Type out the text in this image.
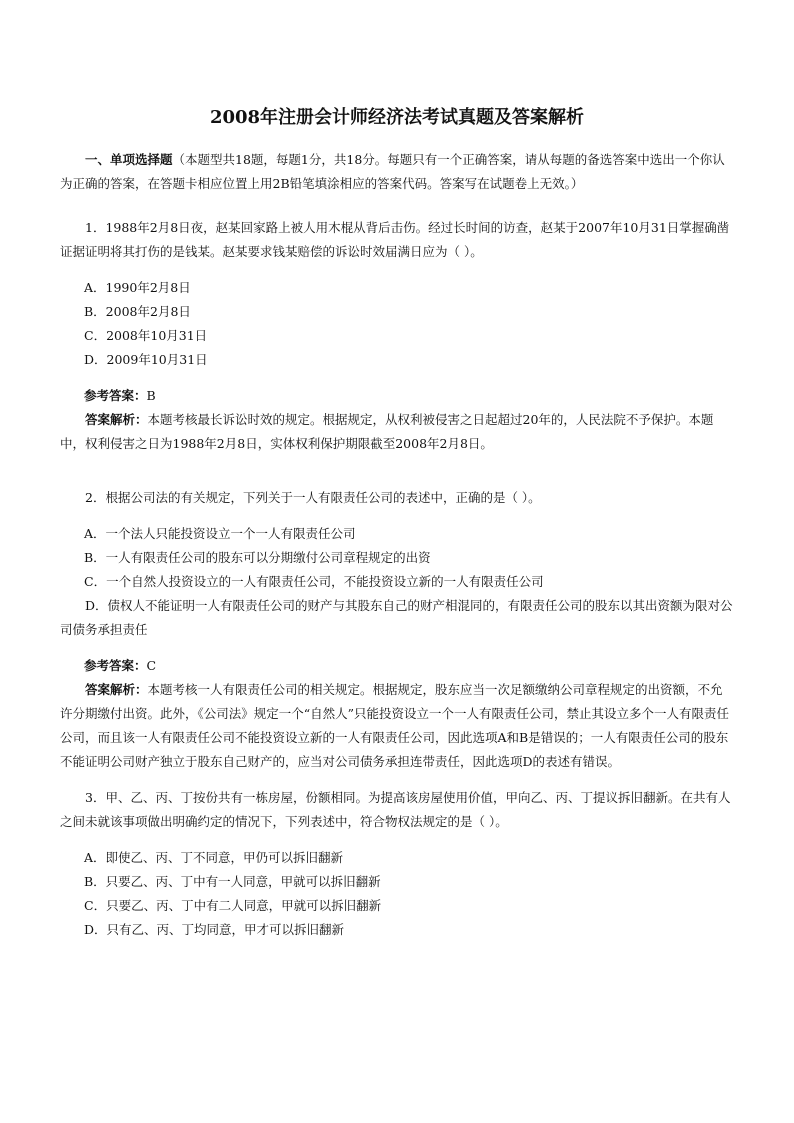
2008年注册会计师经济法考试真题及答案解析

一、单项选择题（本题型共18题，每题1分，共18分。每题只有一个正确答案，请从每题的备选答案中选出一个你认为正确的答案，在答题卡相应位置上用2B铅笔填涂相应的答案代码。答案写在试题卷上无效。）

1．1988年2月8日夜，赵某回家路上被人用木棍从背后击伤。经过长时间的访查，赵某于2007年10月31日掌握确凿证据证明将其打伤的是钱某。赵某要求钱某赔偿的诉讼时效届满日应为（ ）。

A．1990年2月8日

B．2008年2月8日

C．2008年10月31日

D．2009年10月31日

参考答案：B

答案解析：本题考核最长诉讼时效的规定。根据规定，从权利被侵害之日起超过20年的，人民法院不予保护。本题中，权利侵害之日为1988年2月8日，实体权利保护期限截至2008年2月8日。

2．根据公司法的有关规定，下列关于一人有限责任公司的表述中，正确的是（ ）。

A．一个法人只能投资设立一个一人有限责任公司

B．一人有限责任公司的股东可以分期缴付公司章程规定的出资

C．一个自然人投资设立的一人有限责任公司，不能投资设立新的一人有限责任公司

D．债权人不能证明一人有限责任公司的财产与其股东自己的财产相混同的，有限责任公司的股东以其出资额为限对公司债务承担责任

参考答案：C

答案解析：本题考核一人有限责任公司的相关规定。根据规定，股东应当一次足额缴纳公司章程规定的出资额，不允许分期缴付出资。此外，《公司法》规定一个“自然人”只能投资设立一个一人有限责任公司，禁止其设立多个一人有限责任公司，而且该一人有限责任公司不能投资设立新的一人有限责任公司，因此选项A和B是错误的；一人有限责任公司的股东不能证明公司财产独立于股东自己财产的，应当对公司债务承担连带责任，因此选项D的表述有错误。

3．甲、乙、丙、丁按份共有一栋房屋，份额相同。为提高该房屋使用价值，甲向乙、丙、丁提议拆旧翻新。在共有人之间未就该事项做出明确约定的情况下，下列表述中，符合物权法规定的是（ ）。

A．即使乙、丙、丁不同意，甲仍可以拆旧翻新

B．只要乙、丙、丁中有一人同意，甲就可以拆旧翻新

C．只要乙、丙、丁中有二人同意，甲就可以拆旧翻新

D．只有乙、丙、丁均同意，甲才可以拆旧翻新
